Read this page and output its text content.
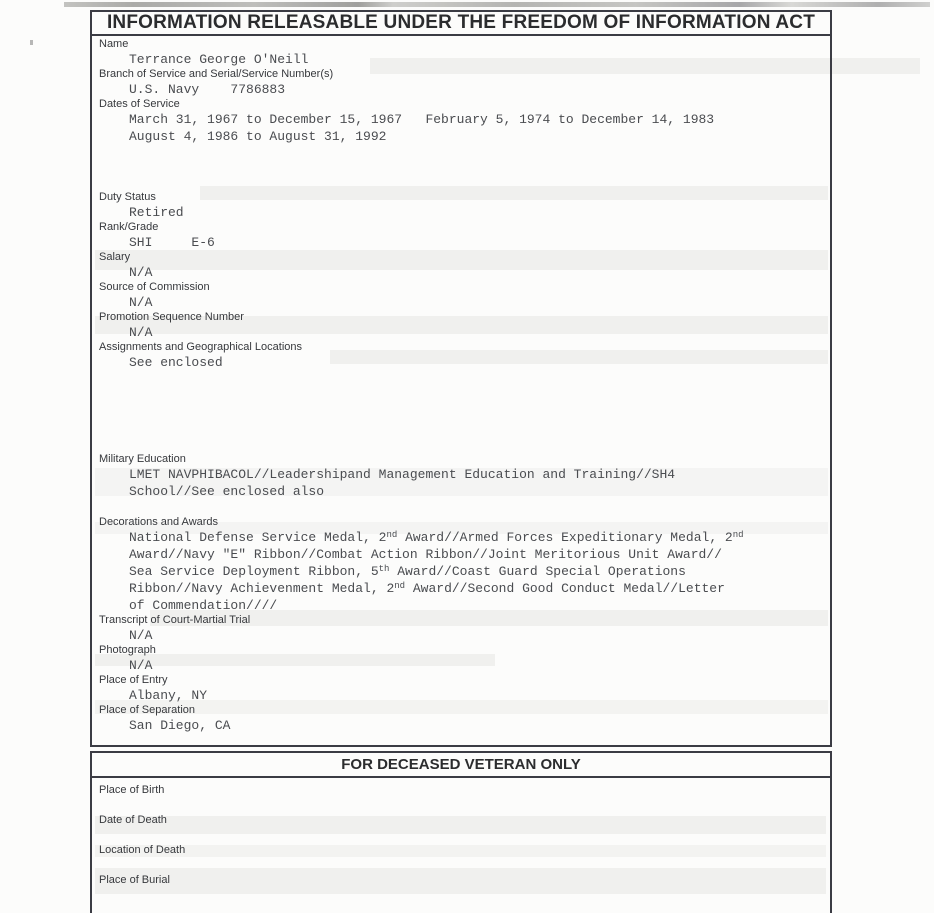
INFORMATION RELEASABLE UNDER THE FREEDOM OF INFORMATION ACT
Name
Terrance George O'Neill
Branch of Service and Serial/Service Number(s)
U.S. Navy    7786883
Dates of Service
March 31, 1967 to December 15, 1967   February 5, 1974 to December 14, 1983
August 4, 1986 to August 31, 1992
Duty Status
Retired
Rank/Grade
SHI     E-6
Salary
N/A
Source of Commission
N/A
Promotion Sequence Number
N/A
Assignments and Geographical Locations
See enclosed
Military Education
LMET NAVPHIBACOL//Leadershipand Management Education and Training//SH4
School//See enclosed also
Decorations and Awards
National Defense Service Medal, 2nd Award//Armed Forces Expeditionary Medal, 2nd
Award//Navy "E" Ribbon//Combat Action Ribbon//Joint Meritorious Unit Award//
Sea Service Deployment Ribbon, 5th Award//Coast Guard Special Operations
Ribbon//Navy Achievenment Medal, 2nd Award//Second Good Conduct Medal//Letter
of Commendation////
Transcript of Court-Martial Trial
N/A
Photograph
N/A
Place of Entry
Albany, NY
Place of Separation
San Diego, CA
FOR DECEASED VETERAN ONLY
Place of Birth
Date of Death
Location of Death
Place of Burial
